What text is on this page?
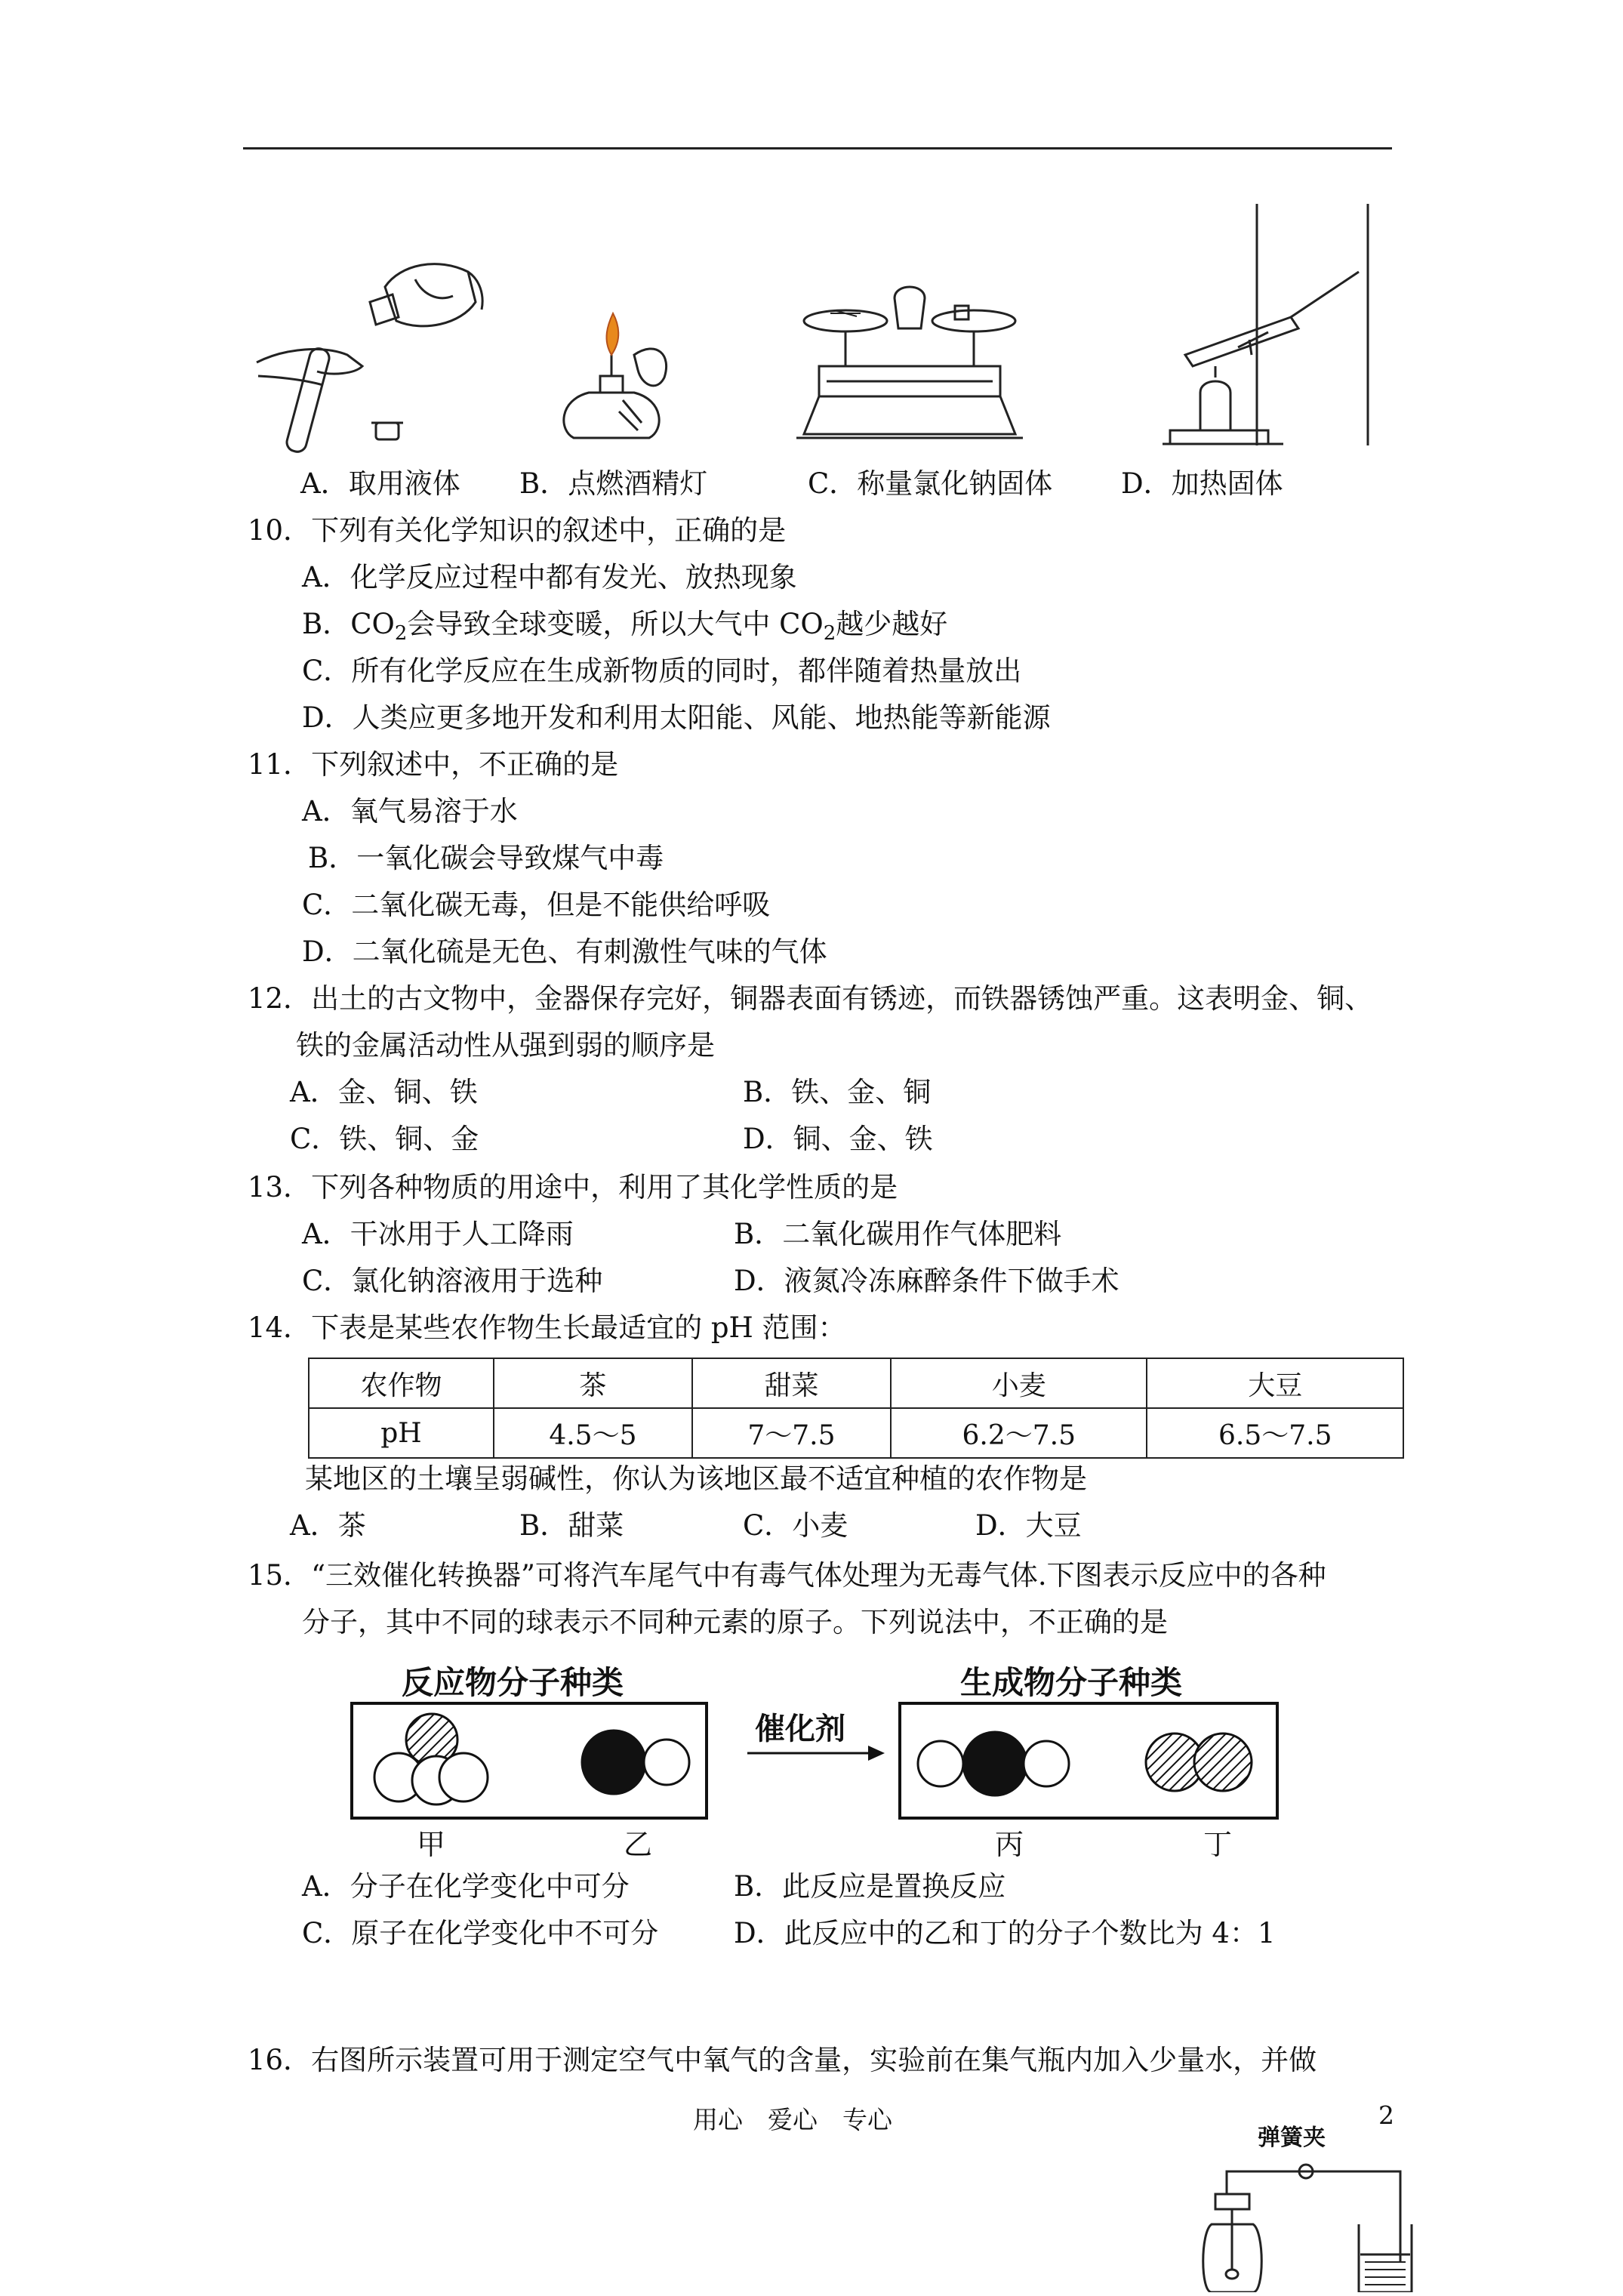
A．取用液体 B．点燃酒精灯	C．称量氯化钠固体 D．加热固体
10．下列有关化学知识的叙述中，正确的是
A．化学反应过程中都有发光、放热现象
B．$CO_2$会导致全球变暖，所以大气中 $CO_2$越少越好
C．所有化学反应在生成新物质的同时，都伴随着热量放出
D．人类应更多地开发和利用太阳能、风能、地热能等新能源
11．下列叙述中，不正确的是
A．氧气易溶于水
B．一氧化碳会导致煤气中毒
C．二氧化碳无毒，但是不能供给呼吸
D．二氧化硫是无色、有刺激性气味的气体
12．出土的古文物中，金器保存完好，铜器表面有锈迹，而铁器锈蚀严重。这表明金、铜、
铁的金属活动性从强到弱的顺序是
A．金、铜、铁	B．铁、金、铜
C．铁、铜、金	D．铜、金、铁
13．下列各种物质的用途中，利用了其化学性质的是
A．干冰用于人工降雨	B．二氧化碳用作气体肥料
C．氯化钠溶液用于选种	D．液氮冷冻麻醉条件下做手术
14．下表是某些农作物生长最适宜的 pH 范围：
农作物	茶	甜菜	小麦	大豆
pH	4.5～5	7～7.5	6.2～7.5	6.5～7.5
某地区的土壤呈弱碱性，你认为该地区最不适宜种植的农作物是
A．茶	B．甜菜	C．小麦	D．大豆
15．“三效催化转换器”可将汽车尾气中有毒气体处理为无毒气体.下图表示反应中的各种
分子，其中不同的球表示不同种元素的原子。下列说法中，不正确的是
反应物分子种类	生成物分子种类
催化剂
甲	乙	丙	丁
A．分子在化学变化中可分	B．此反应是置换反应
C．原子在化学变化中不可分	D．此反应中的乙和丁的分子个数比为 4：1
16．右图所示装置可用于测定空气中氧气的含量，实验前在集气瓶内加入少量水，并做
弹簧夹
用心　爱心　专心	2
